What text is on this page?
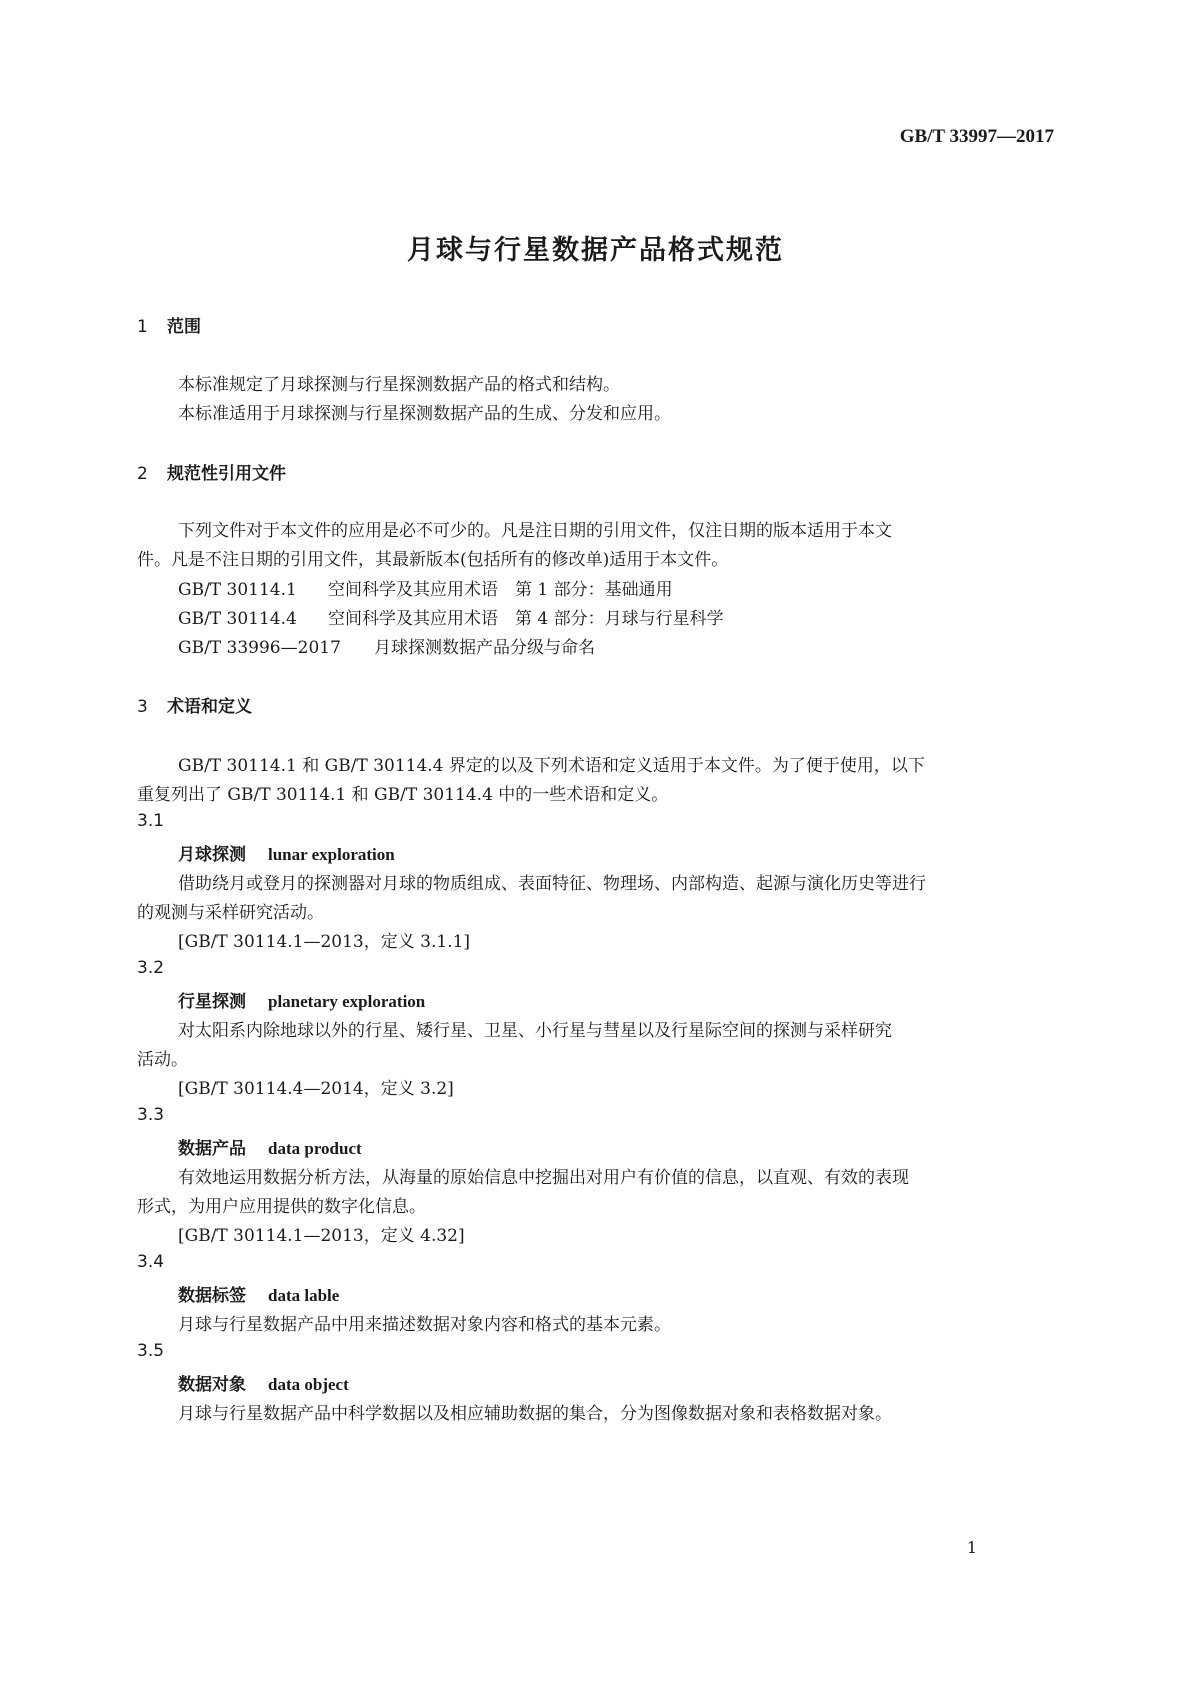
GB/T 33997—2017
月球与行星数据产品格式规范
1 范围
本标准规定了月球探测与行星探测数据产品的格式和结构。
本标准适用于月球探测与行星探测数据产品的生成、分发和应用。
2 规范性引用文件
下列文件对于本文件的应用是必不可少的。凡是注日期的引用文件，仅注日期的版本适用于本文
件。凡是不注日期的引用文件，其最新版本(包括所有的修改单)适用于本文件。
GB/T 30114.1 空间科学及其应用术语　第 1 部分：基础通用
GB/T 30114.4 空间科学及其应用术语　第 4 部分：月球与行星科学
GB/T 33996—2017 月球探测数据产品分级与命名
3 术语和定义
GB/T 30114.1 和 GB/T 30114.4 界定的以及下列术语和定义适用于本文件。为了便于使用，以下
重复列出了 GB/T 30114.1 和 GB/T 30114.4 中的一些术语和定义。
3.1
月球探测 lunar exploration
借助绕月或登月的探测器对月球的物质组成、表面特征、物理场、内部构造、起源与演化历史等进行
的观测与采样研究活动。
[GB/T 30114.1—2013，定义 3.1.1]
3.2
行星探测 planetary exploration
对太阳系内除地球以外的行星、矮行星、卫星、小行星与彗星以及行星际空间的探测与采样研究
活动。
[GB/T 30114.4—2014，定义 3.2]
3.3
数据产品 data product
有效地运用数据分析方法，从海量的原始信息中挖掘出对用户有价值的信息，以直观、有效的表现
形式，为用户应用提供的数字化信息。
[GB/T 30114.1—2013，定义 4.32]
3.4
数据标签 data lable
月球与行星数据产品中用来描述数据对象内容和格式的基本元素。
3.5
数据对象 data object
月球与行星数据产品中科学数据以及相应辅助数据的集合，分为图像数据对象和表格数据对象。
1
